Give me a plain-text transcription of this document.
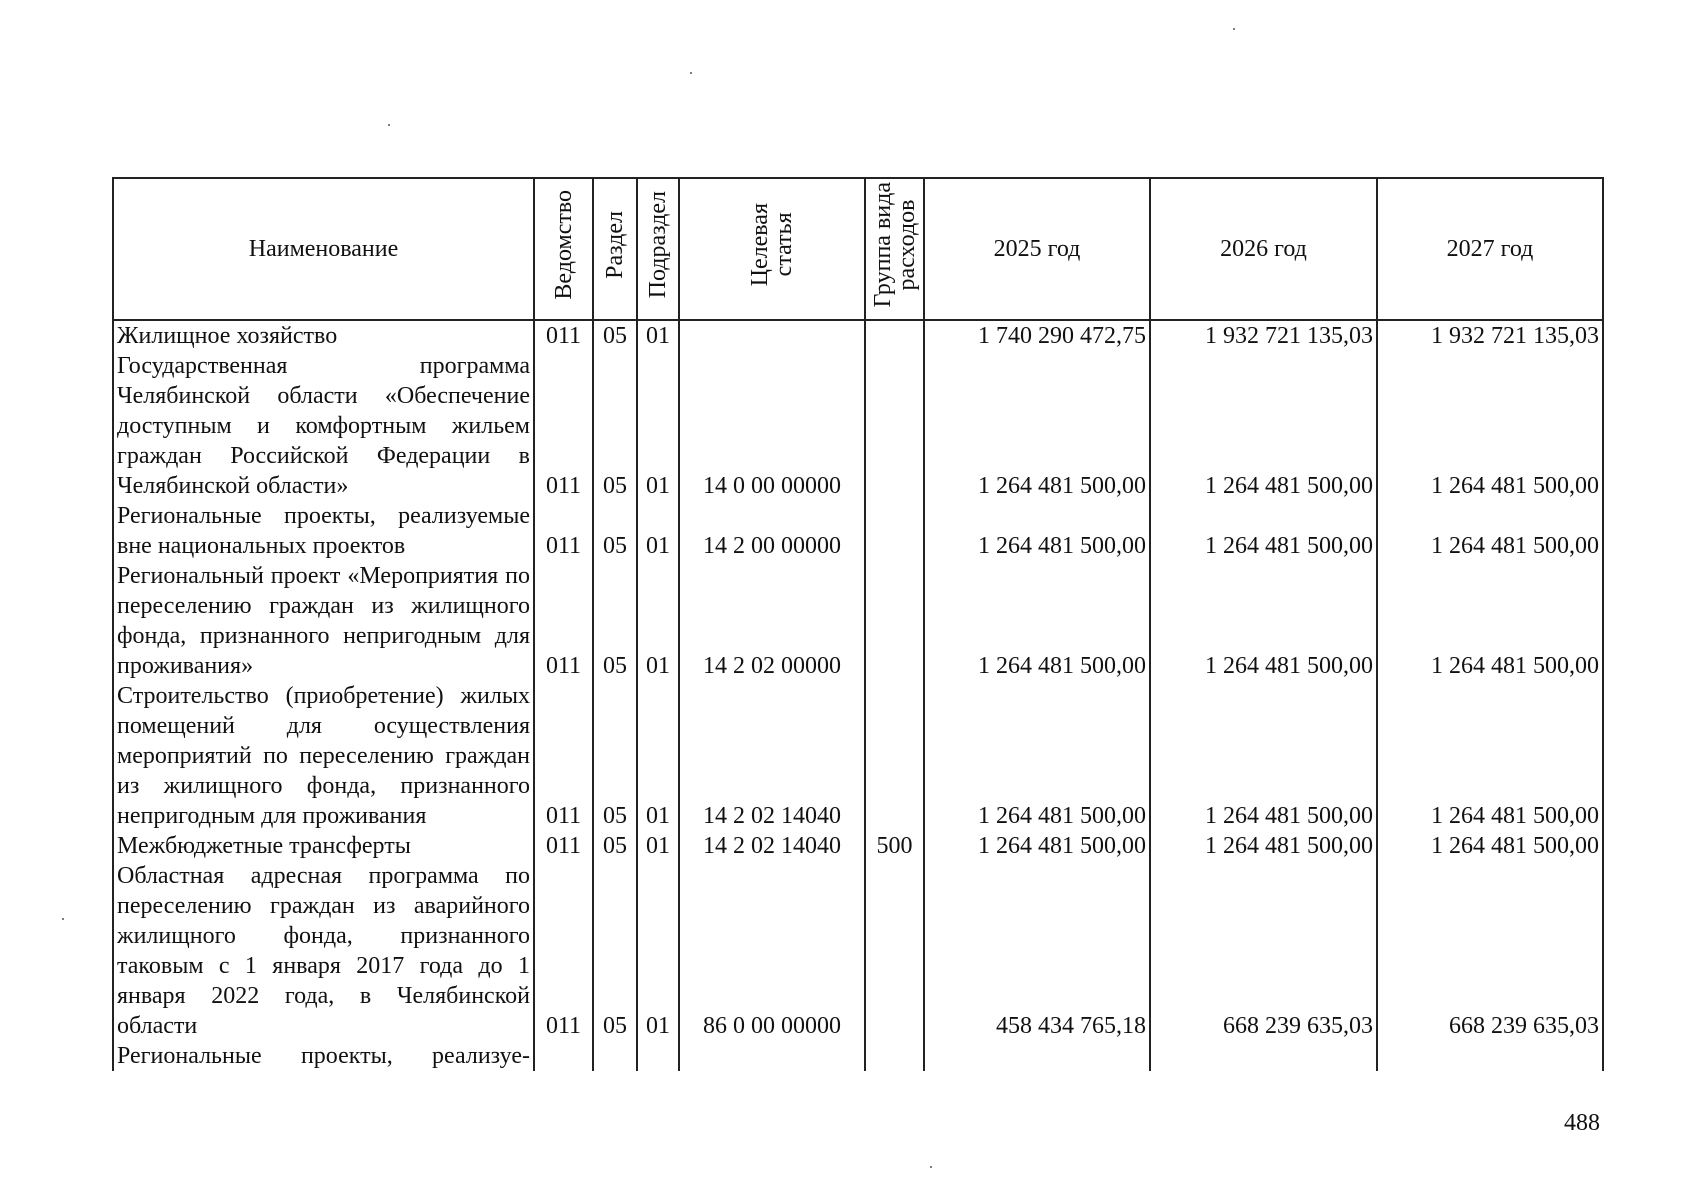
Наименование	Ведомство	Раздел	Подраздел	Целевая
статья	Группа вида
расходов	2025 год	2026 год	2027 год
Жилищное хозяйство	011	05	01			1 740 290 472,75	1 932 721 135,03	1 932 721 135,03
Государственная программа Челябинской области «Обеспечение доступным и комфортным жильем граждан Российской Федерации в Челябинской области»	011	05	01	14 0 00 00000		1 264 481 500,00	1 264 481 500,00	1 264 481 500,00
Региональные проекты, реализуемые вне национальных проектов	011	05	01	14 2 00 00000		1 264 481 500,00	1 264 481 500,00	1 264 481 500,00
Региональный проект «Мероприятия по переселению граждан из жилищного фонда, признанного непригодным для проживания»	011	05	01	14 2 02 00000		1 264 481 500,00	1 264 481 500,00	1 264 481 500,00
Строительство (приобретение) жилых помещений для осуществления мероприятий по переселению граждан из жилищного фонда, признанного непригодным для проживания	011	05	01	14 2 02 14040		1 264 481 500,00	1 264 481 500,00	1 264 481 500,00
Межбюджетные трансферты	011	05	01	14 2 02 14040	500	1 264 481 500,00	1 264 481 500,00	1 264 481 500,00
Областная адресная программа по переселению граждан из аварийного жилищного фонда, признанного таковым с 1 января 2017 года до 1 января 2022 года, в Челябинской области	011	05	01	86 0 00 00000		458 434 765,18	668 239 635,03	668 239 635,03
Региональные проекты, реализуе-								
488
